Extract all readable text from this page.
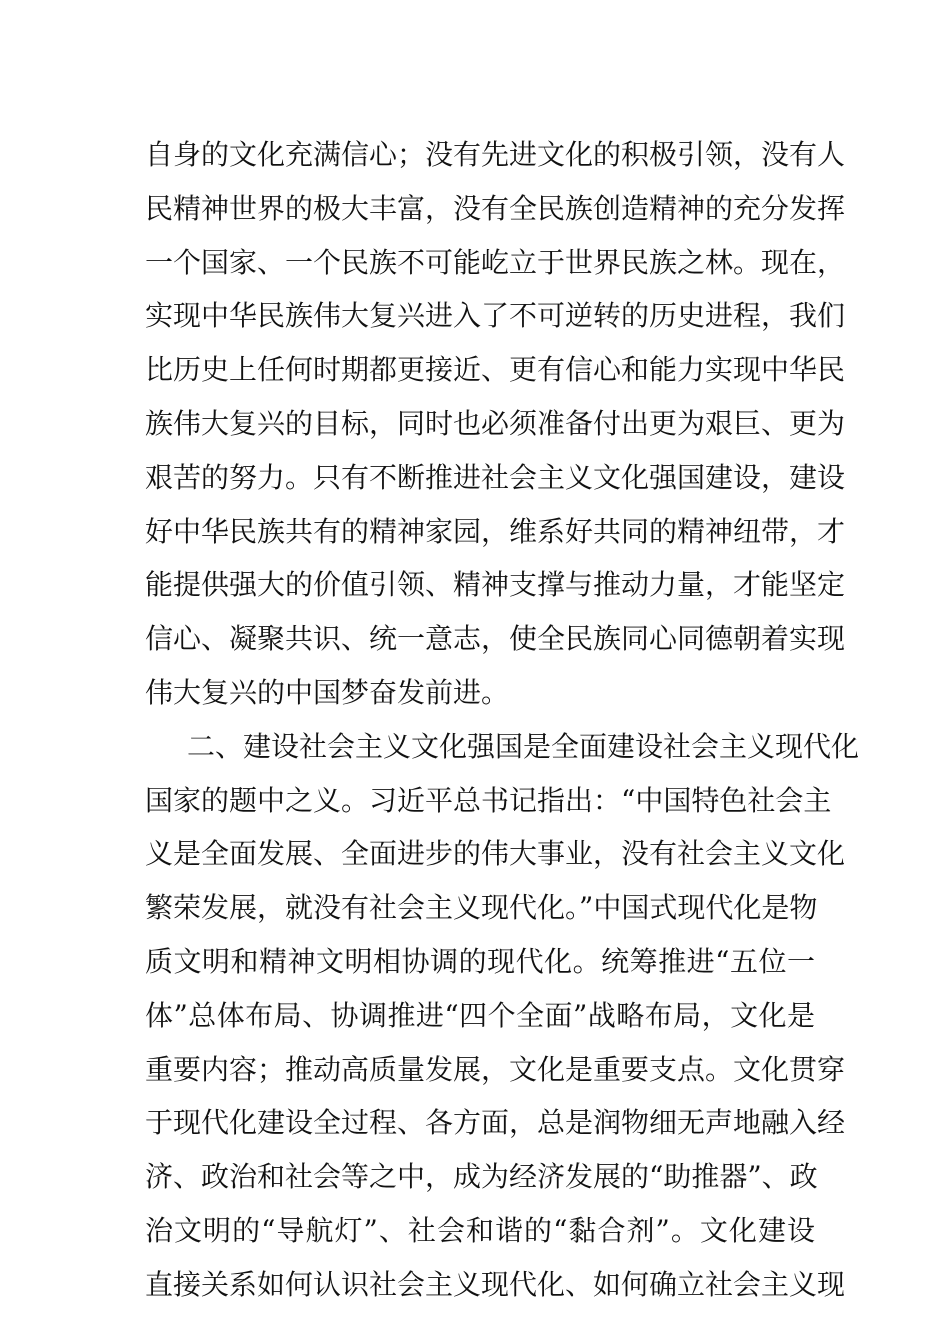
自身的文化充满信心；没有先进文化的积极引领，没有人
民精神世界的极大丰富，没有全民族创造精神的充分发挥
一个国家、一个民族不可能屹立于世界民族之林。现在，
实现中华民族伟大复兴进入了不可逆转的历史进程，我们
比历史上任何时期都更接近、更有信心和能力实现中华民
族伟大复兴的目标，同时也必须准备付出更为艰巨、更为
艰苦的努力。只有不断推进社会主义文化强国建设，建设
好中华民族共有的精神家园，维系好共同的精神纽带，才
能提供强大的价值引领、精神支撑与推动力量，才能坚定
信心、凝聚共识、统一意志，使全民族同心同德朝着实现
伟大复兴的中国梦奋发前进。
二、建设社会主义文化强国是全面建设社会主义现代化
国家的题中之义。习近平总书记指出：“中国特色社会主
义是全面发展、全面进步的伟大事业，没有社会主义文化
繁荣发展，就没有社会主义现代化。”中国式现代化是物
质文明和精神文明相协调的现代化。统筹推进“五位一
体”总体布局、协调推进“四个全面”战略布局，文化是
重要内容；推动高质量发展，文化是重要支点。文化贯穿
于现代化建设全过程、各方面，总是润物细无声地融入经
济、政治和社会等之中，成为经济发展的“助推器”、政
治文明的“导航灯”、社会和谐的“黏合剂”。文化建设
直接关系如何认识社会主义现代化、如何确立社会主义现
